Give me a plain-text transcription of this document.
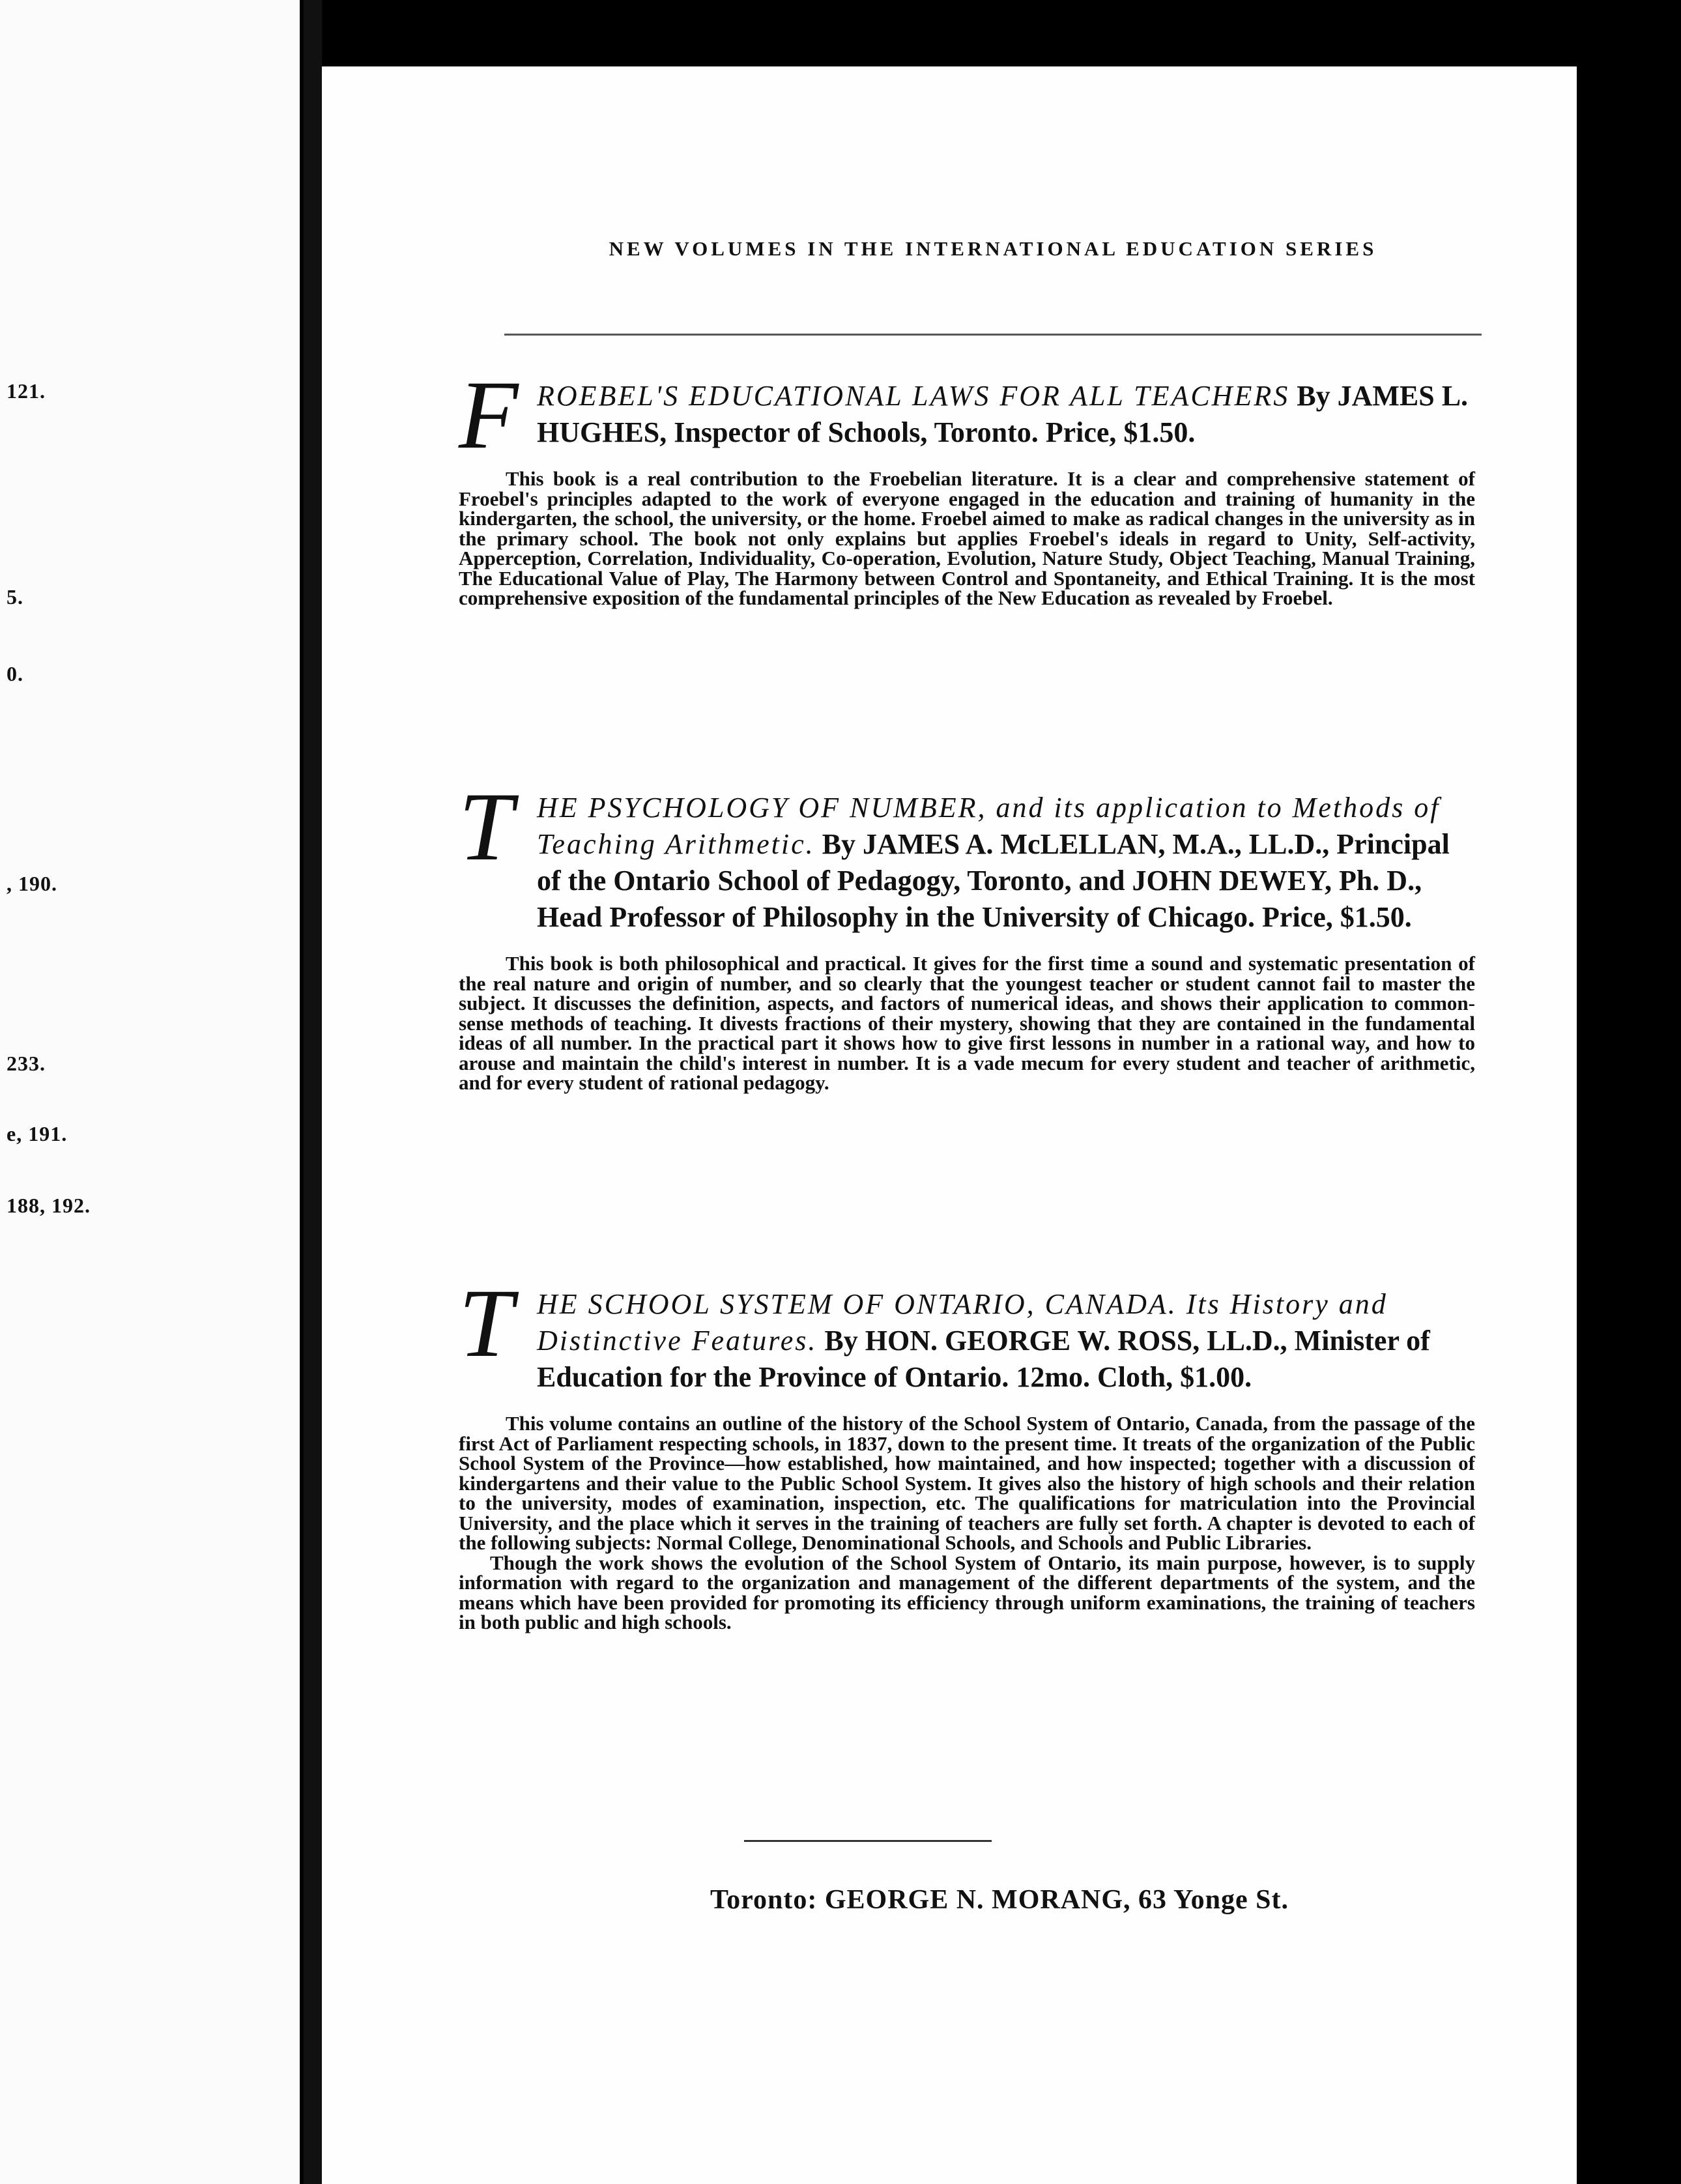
121.
5.
0.
, 190.
233.
e, 191.
188, 192.
NEW VOLUMES IN THE INTERNATIONAL EDUCATION SERIES
F ROEBEL'S EDUCATIONAL LAWS FOR ALL TEACHERS By JAMES L. HUGHES, Inspector of Schools, Toronto. Price, $1.50.

This book is a real contribution to the Froebelian literature. It is a clear and comprehensive statement of Froebel's principles adapted to the work of everyone engaged in the education and training of humanity in the kindergarten, the school, the university, or the home. Froebel aimed to make as radical changes in the university as in the primary school. The book not only explains but applies Froebel's ideals in regard to Unity, Self-activity, Apperception, Correlation, Individuality, Co-operation, Evolution, Nature Study, Object Teaching, Manual Training, The Educational Value of Play, The Harmony between Control and Spontaneity, and Ethical Training. It is the most comprehensive exposition of the fundamental principles of the New Education as revealed by Froebel.

T HE PSYCHOLOGY OF NUMBER, and its application to Methods of Teaching Arithmetic. By JAMES A. McLELLAN, M.A., LL.D., Principal of the Ontario School of Pedagogy, Toronto, and JOHN DEWEY, Ph. D., Head Professor of Philosophy in the University of Chicago. Price, $1.50.

This book is both philosophical and practical. It gives for the first time a sound and systematic presentation of the real nature and origin of number, and so clearly that the youngest teacher or student cannot fail to master the subject. It discusses the definition, aspects, and factors of numerical ideas, and shows their application to common-sense methods of teaching. It divests fractions of their mystery, showing that they are contained in the fundamental ideas of all number. In the practical part it shows how to give first lessons in number in a rational way, and how to arouse and maintain the child's interest in number. It is a vade mecum for every student and teacher of arithmetic, and for every student of rational pedagogy.

T HE SCHOOL SYSTEM OF ONTARIO, CANADA. Its History and Distinctive Features. By HON. GEORGE W. ROSS, LL.D., Minister of Education for the Province of Ontario. 12mo. Cloth, $1.00.

This volume contains an outline of the history of the School System of Ontario, Canada, from the passage of the first Act of Parliament respecting schools, in 1837, down to the present time. It treats of the organization of the Public School System of the Province—how established, how maintained, and how inspected; together with a discussion of kindergartens and their value to the Public School System. It gives also the history of high schools and their relation to the university, modes of examination, inspection, etc. The qualifications for matriculation into the Provincial University, and the place which it serves in the training of teachers are fully set forth. A chapter is devoted to each of the following subjects: Normal College, Denominational Schools, and Schools and Public Libraries.

Though the work shows the evolution of the School System of Ontario, its main purpose, however, is to supply information with regard to the organization and management of the different departments of the system, and the means which have been provided for promoting its efficiency through uniform examinations, the training of teachers in both public and high schools.

Toronto: GEORGE N. MORANG, 63 Yonge St.
